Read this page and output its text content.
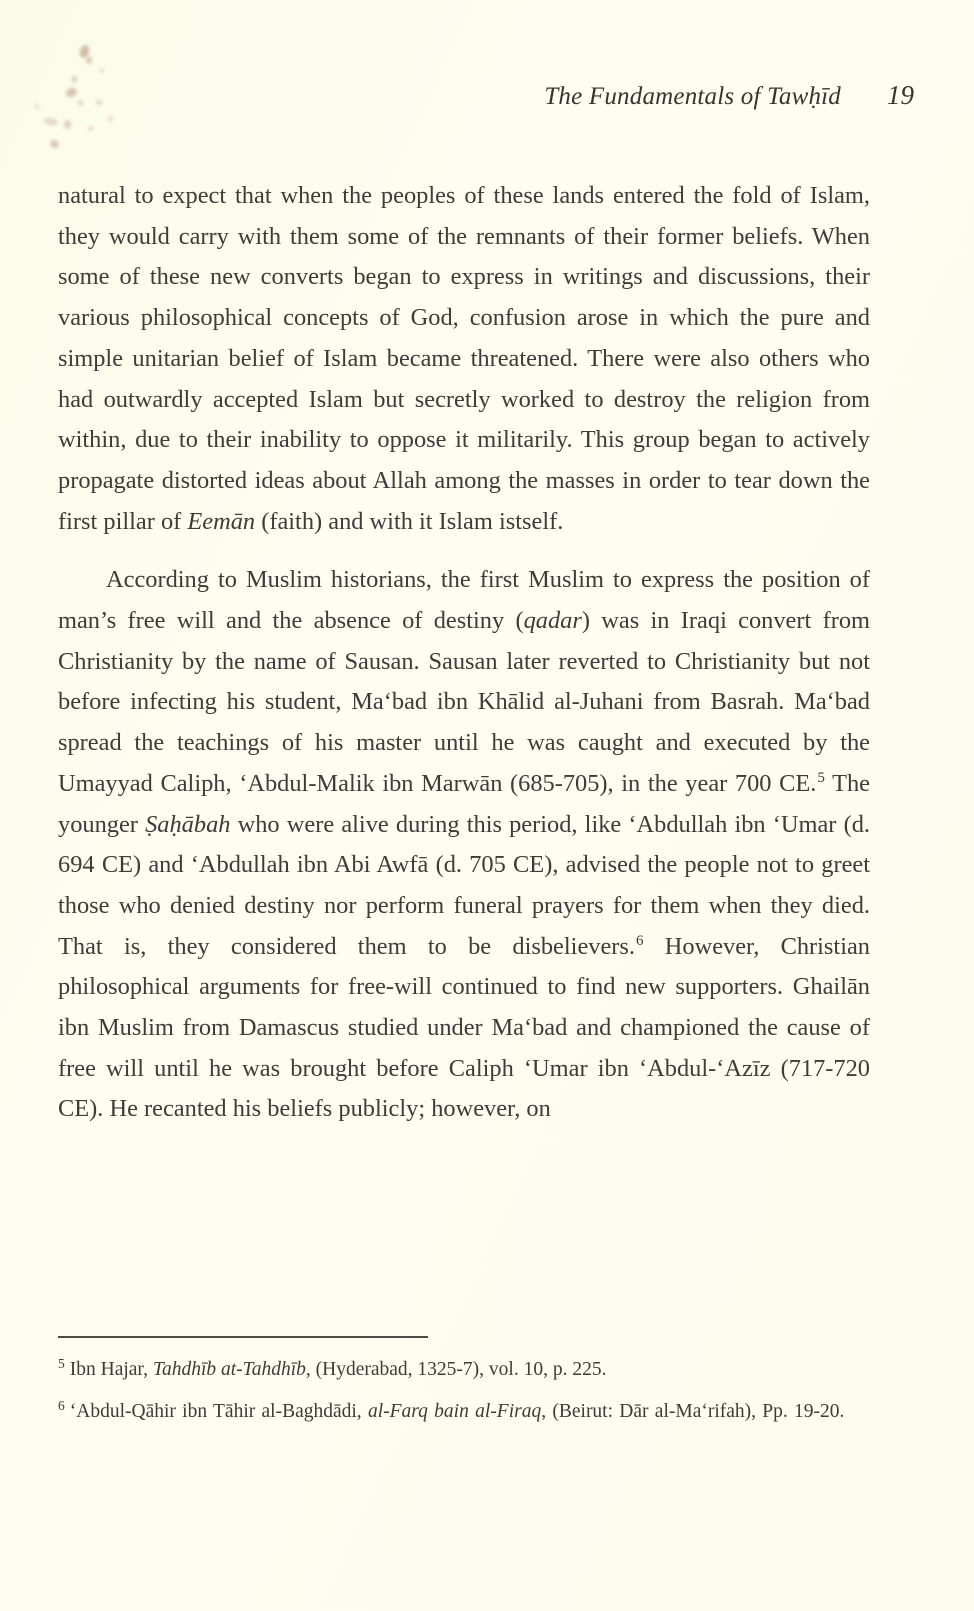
The Fundamentals of Tawḥīd 19

natural to expect that when the peoples of these lands entered the fold of Islam, they would carry with them some of the remnants of their former beliefs. When some of these new converts began to express in writings and discussions, their various philosophical concepts of God, confusion arose in which the pure and simple unitarian belief of Islam became threatened. There were also others who had outwardly accepted Islam but secretly worked to destroy the religion from within, due to their inability to oppose it militarily. This group began to actively propagate distorted ideas about Allah among the masses in order to tear down the first pillar of Eemān (faith) and with it Islam istself.

According to Muslim historians, the first Muslim to express the position of man’s free will and the absence of destiny (qadar) was in Iraqi convert from Christianity by the name of Sausan. Sausan later reverted to Christianity but not before infecting his student, Ma‘bad ibn Khālid al-Juhani from Basrah. Ma‘bad spread the teachings of his master until he was caught and executed by the Umayyad Caliph, ‘Abdul-Malik ibn Marwān (685-705), in the year 700 CE.$^5$ The younger Ṣaḥābah who were alive during this period, like ‘Abdullah ibn ‘Umar (d. 694 CE) and ‘Abdullah ibn Abi Awfā (d. 705 CE), advised the people not to greet those who denied destiny nor perform funeral prayers for them when they died. That is, they considered them to be disbelievers.$^6$ However, Christian philosophical arguments for free-will continued to find new supporters. Ghailān ibn Muslim from Damascus studied under Ma‘bad and championed the cause of free will until he was brought before Caliph ‘Umar ibn ‘Abdul-‘Azīz (717-720 CE). He recanted his beliefs publicly; however, on

$^5$ Ibn Hajar, Tahdhīb at-Tahdhīb, (Hyderabad, 1325-7), vol. 10, p. 225.

$^6$ ‘Abdul-Qāhir ibn Tāhir al-Baghdādi, al-Farq bain al-Firaq, (Beirut: Dār al-Ma‘rifah), Pp. 19-20.
